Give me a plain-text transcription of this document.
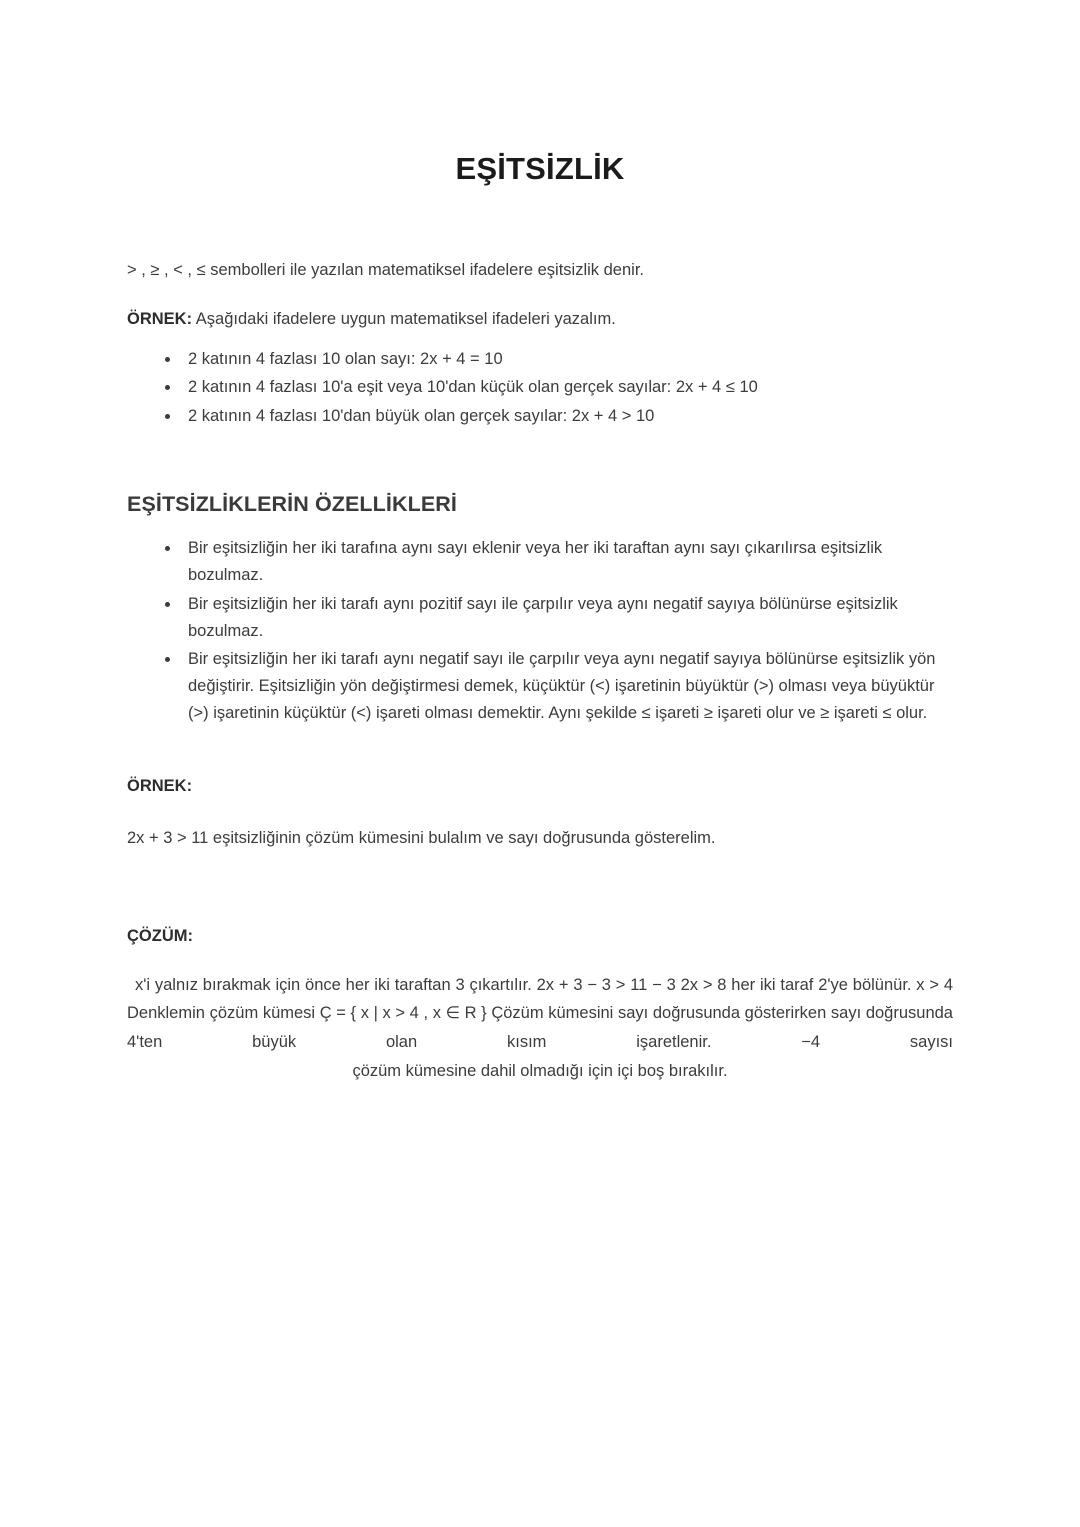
EŞİTSİZLİK

> , ≥ , < , ≤ sembolleri ile yazılan matematiksel ifadelere eşitsizlik denir.

ÖRNEK: Aşağıdaki ifadelere uygun matematiksel ifadeleri yazalım.

2 katının 4 fazlası 10 olan sayı: 2x + 4 = 10
2 katının 4 fazlası 10'a eşit veya 10'dan küçük olan gerçek sayılar: 2x + 4 ≤ 10
2 katının 4 fazlası 10'dan büyük olan gerçek sayılar: 2x + 4 > 10
EŞİTSİZLİKLERİN ÖZELLİKLERİ
Bir eşitsizliğin her iki tarafına aynı sayı eklenir veya her iki taraftan aynı sayı çıkarılırsa eşitsizlik bozulmaz.
Bir eşitsizliğin her iki tarafı aynı pozitif sayı ile çarpılır veya aynı negatif sayıya bölünürse eşitsizlik bozulmaz.
Bir eşitsizliğin her iki tarafı aynı negatif sayı ile çarpılır veya aynı negatif sayıya bölünürse eşitsizlik yön değiştirir. Eşitsizliğin yön değiştirmesi demek, küçüktür (<) işaretinin büyüktür (>) olması veya büyüktür (>) işaretinin küçüktür (<) işareti olması demektir. Aynı şekilde ≤ işareti ≥ işareti olur ve ≥ işareti ≤ olur.

ÖRNEK:

2x + 3 > 11 eşitsizliğinin çözüm kümesini bulalım ve sayı doğrusunda gösterelim.

ÇÖZÜM:

x'i yalnız bırakmak için önce her iki taraftan 3 çıkartılır. 2x + 3 − 3 > 11 − 3 2x > 8 her iki taraf 2'ye bölünür. x > 4 Denklemin çözüm kümesi Ç = { x | x > 4 , x ∈ R } Çözüm kümesini sayı doğrusunda gösterirken sayı doğrusunda 4'ten büyük olan kısım işaretlenir. −4 sayısı
çözüm kümesine dahil olmadığı için içi boş bırakılır.
